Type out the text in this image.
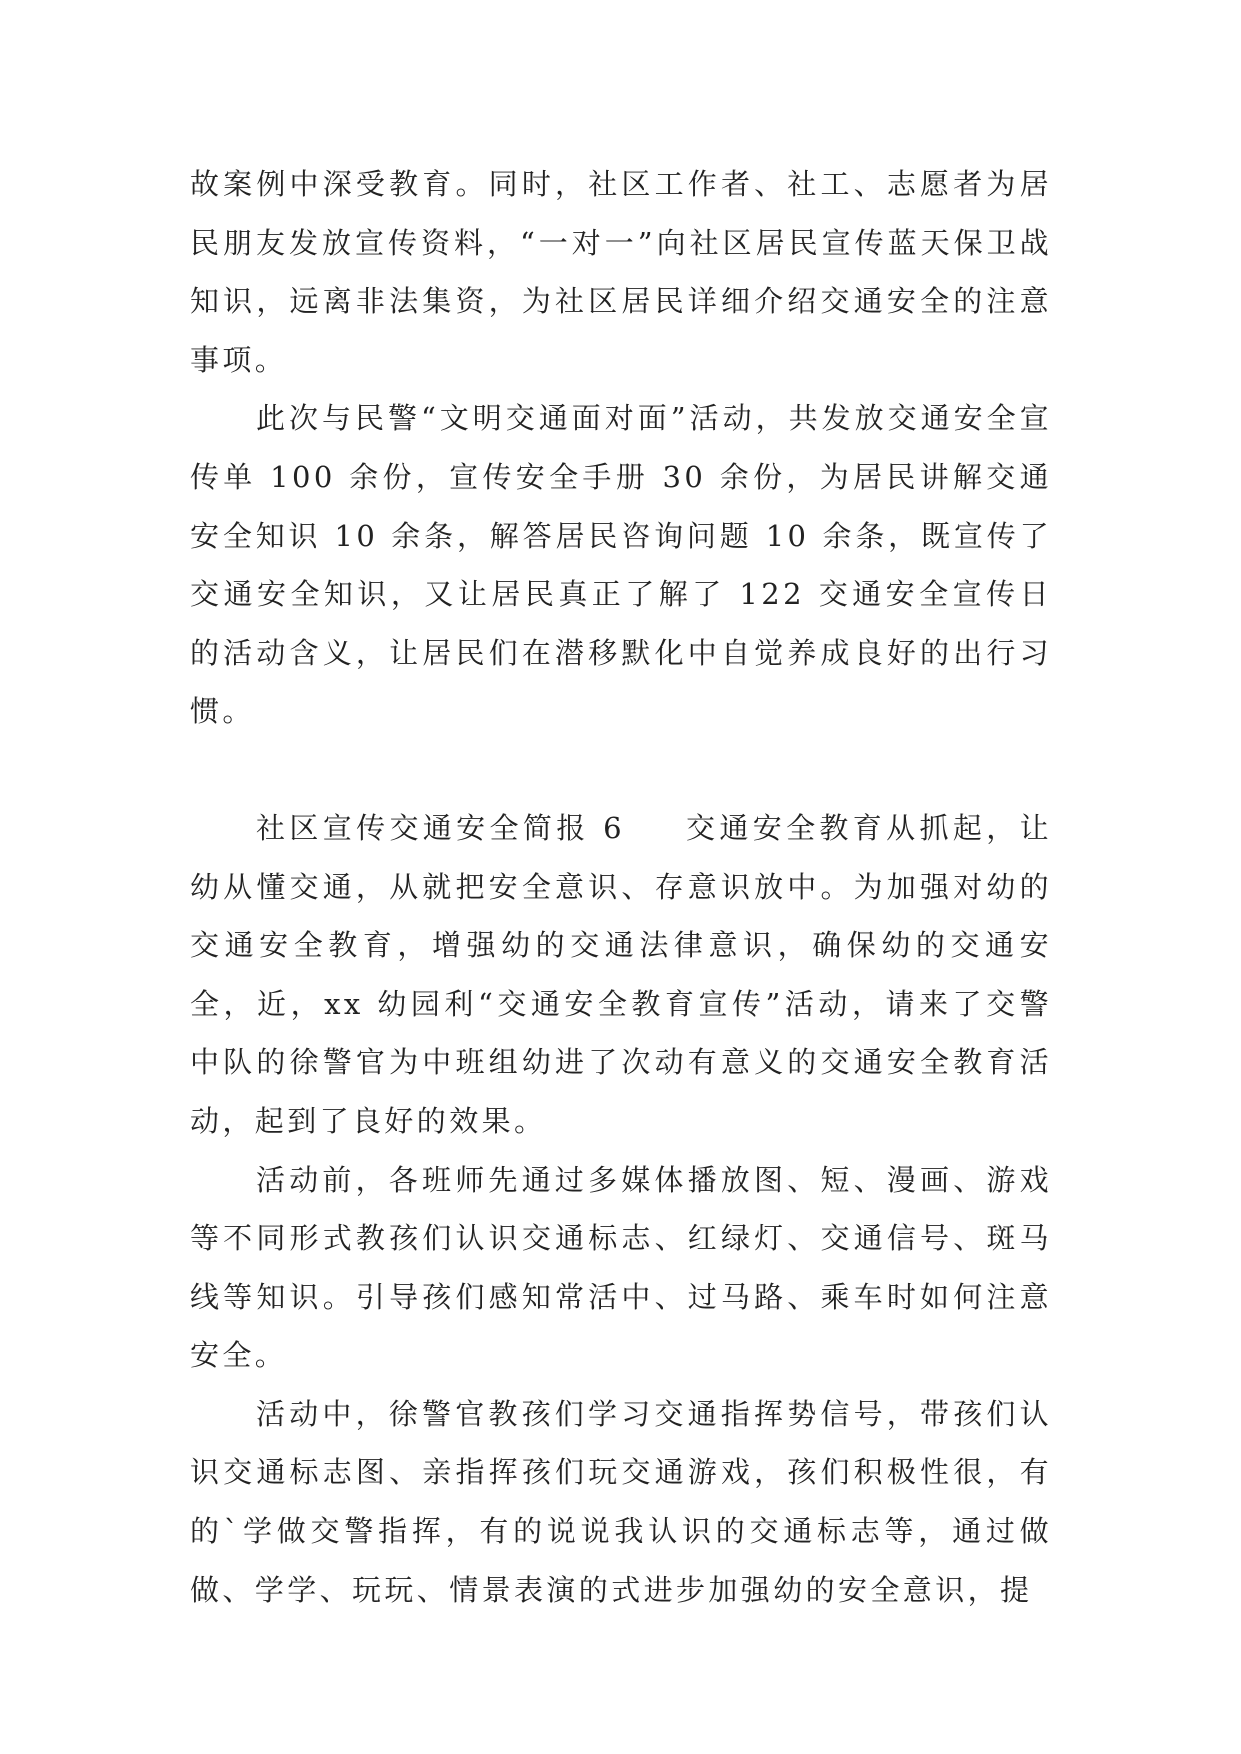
故案例中深受教育。同时，社区工作者、社工、志愿者为居民朋友发放宣传资料，“一对一”向社区居民宣传蓝天保卫战知识，远离非法集资，为社区居民详细介绍交通安全的注意事项。

此次与民警“文明交通面对面”活动，共发放交通安全宣传单 100 余份，宣传安全手册 30 余份，为居民讲解交通安全知识 10 余条，解答居民咨询问题 10 余条，既宣传了交通安全知识，又让居民真正了解了 122 交通安全宣传日的活动含义，让居民们在潜移默化中自觉养成良好的出行习惯。

社区宣传交通安全简报 6 交通安全教育从抓起，让幼从懂交通，从就把安全意识、存意识放中。为加强对幼的交通安全教育，增强幼的交通法律意识，确保幼的交通安全，近，xx 幼园利“交通安全教育宣传”活动，请来了交警中队的徐警官为中班组幼进了次动有意义的交通安全教育活动，起到了良好的效果。

活动前，各班师先通过多媒体播放图、短、漫画、游戏等不同形式教孩们认识交通标志、红绿灯、交通信号、斑马线等知识。引导孩们感知常活中、过马路、乘车时如何注意安全。

活动中，徐警官教孩们学习交通指挥势信号，带孩们认识交通标志图、亲指挥孩们玩交通游戏，孩们积极性很，有的`学做交警指挥，有的说说我认识的交通标志等，通过做做、学学、玩玩、情景表演的式进步加强幼的安全意识，提
